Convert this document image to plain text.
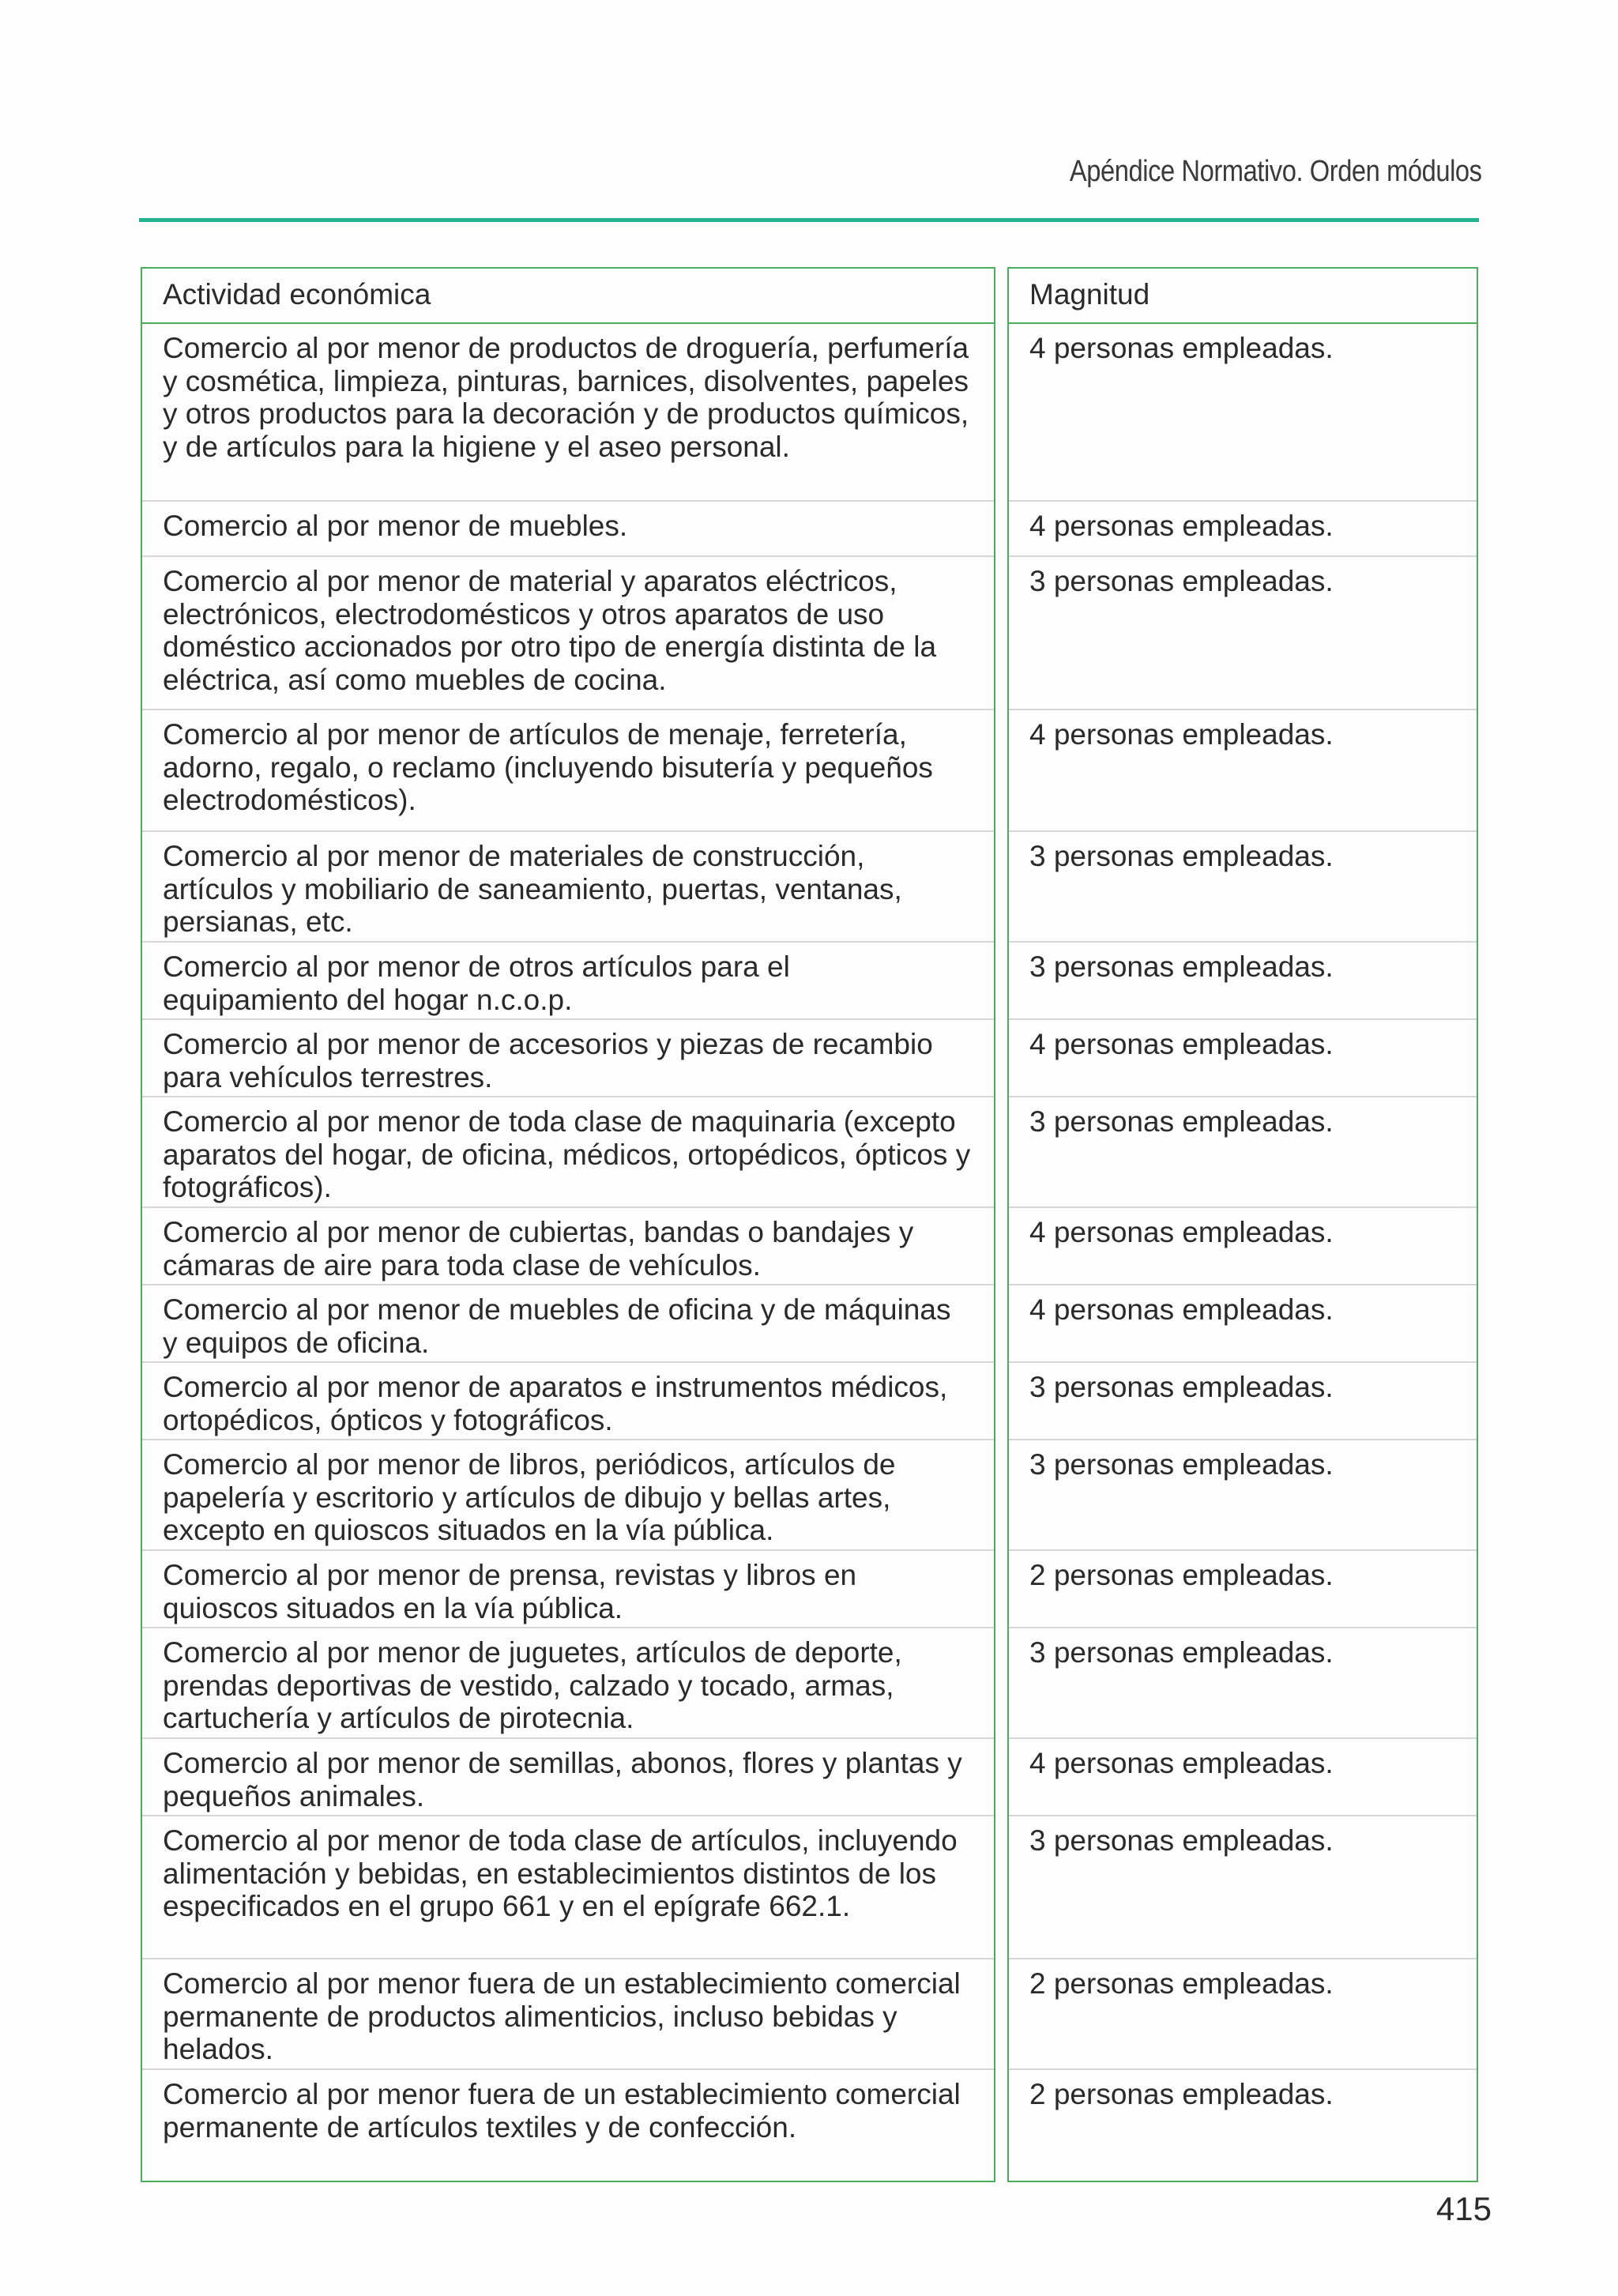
Apéndice Normativo. Orden módulos
Actividad económica
Comercio al por menor de productos de droguería, perfumería y cosmética, limpieza, pinturas, barnices, disolventes, papeles y otros productos para la decoración y de productos químicos, y de artículos para la higiene y el aseo personal.
Comercio al por menor de muebles.
Comercio al por menor de material y aparatos eléctricos, electrónicos, electrodomésticos y otros aparatos de uso doméstico accionados por otro tipo de energía distinta de la eléctrica, así como muebles de cocina.
Comercio al por menor de artículos de menaje, ferretería, adorno, regalo, o reclamo (incluyendo bisutería y pequeños electrodomésticos).
Comercio al por menor de materiales de construcción, artículos y mobiliario de saneamiento, puertas, ventanas, persianas, etc.
Comercio al por menor de otros artículos para el equipamiento del hogar n.c.o.p.
Comercio al por menor de accesorios y piezas de recambio para vehículos terrestres.
Comercio al por menor de toda clase de maquinaria (excepto aparatos del hogar, de oficina, médicos, ortopédicos, ópticos y fotográficos).
Comercio al por menor de cubiertas, bandas o bandajes y cámaras de aire para toda clase de vehículos.
Comercio al por menor de muebles de oficina y de máquinas y equipos de oficina.
Comercio al por menor de aparatos e instrumentos médicos, ortopédicos, ópticos y fotográficos.
Comercio al por menor de libros, periódicos, artículos de papelería y escritorio y artículos de dibujo y bellas artes, excepto en quioscos situados en la vía pública.
Comercio al por menor de prensa, revistas y libros en quioscos situados en la vía pública.
Comercio al por menor de juguetes, artículos de deporte, prendas deportivas de vestido, calzado y tocado, armas, cartuchería y artículos de pirotecnia.
Comercio al por menor de semillas, abonos, flores y plantas y pequeños animales.
Comercio al por menor de toda clase de artículos, incluyendo alimentación y bebidas, en establecimientos distintos de los especificados en el grupo 661 y en el epígrafe 662.1.
Comercio al por menor fuera de un establecimiento comercial permanente de productos alimenticios, incluso bebidas y helados.
Comercio al por menor fuera de un establecimiento comercial permanente de artículos textiles y de confección.
Magnitud
4 personas empleadas.
4 personas empleadas.
3 personas empleadas.
4 personas empleadas.
3 personas empleadas.
3 personas empleadas.
4 personas empleadas.
3 personas empleadas.
4 personas empleadas.
4 personas empleadas.
3 personas empleadas.
3 personas empleadas.
2 personas empleadas.
3 personas empleadas.
4 personas empleadas.
3 personas empleadas.
2 personas empleadas.
2 personas empleadas.
415
